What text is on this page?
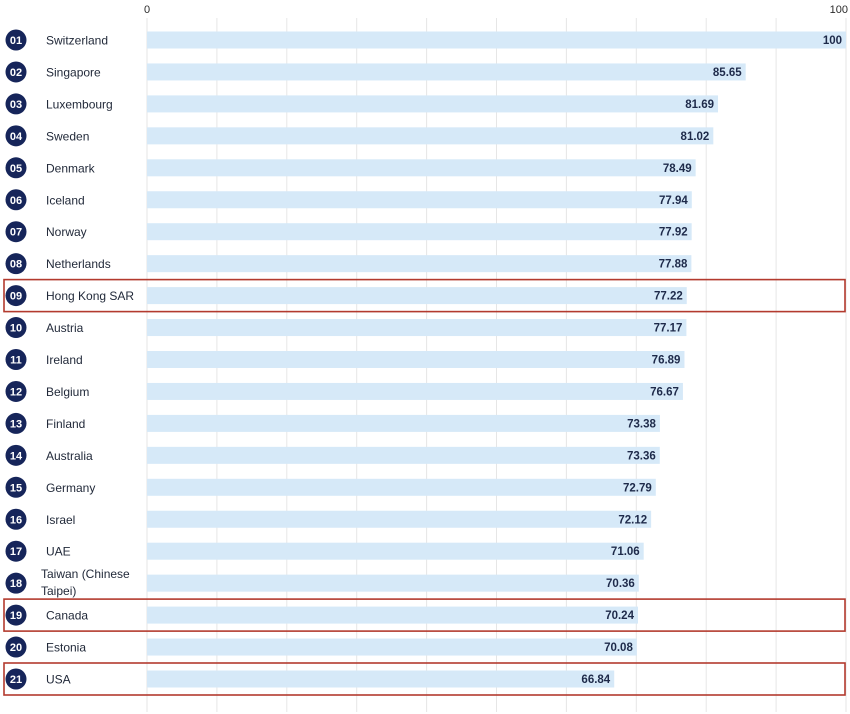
0	100
100
85.65
81.69
81.02
78.49
77.94
77.92
77.88
77.22
77.17
76.89
76.67
73.38
73.36
72.79
72.12
71.06
70.36
70.24
70.08
66.84
01 Switzerland
02 Singapore
03 Luxembourg
04 Sweden
05 Denmark
06 Iceland
07 Norway
08 Netherlands
09 Hong Kong SAR
10 Austria
11 Ireland
12 Belgium
13 Finland
14 Australia
15 Germany
16 Israel
17 UAE
18
Taiwan (Chinese Taipei)
19 Canada
20 Estonia
21 USA
